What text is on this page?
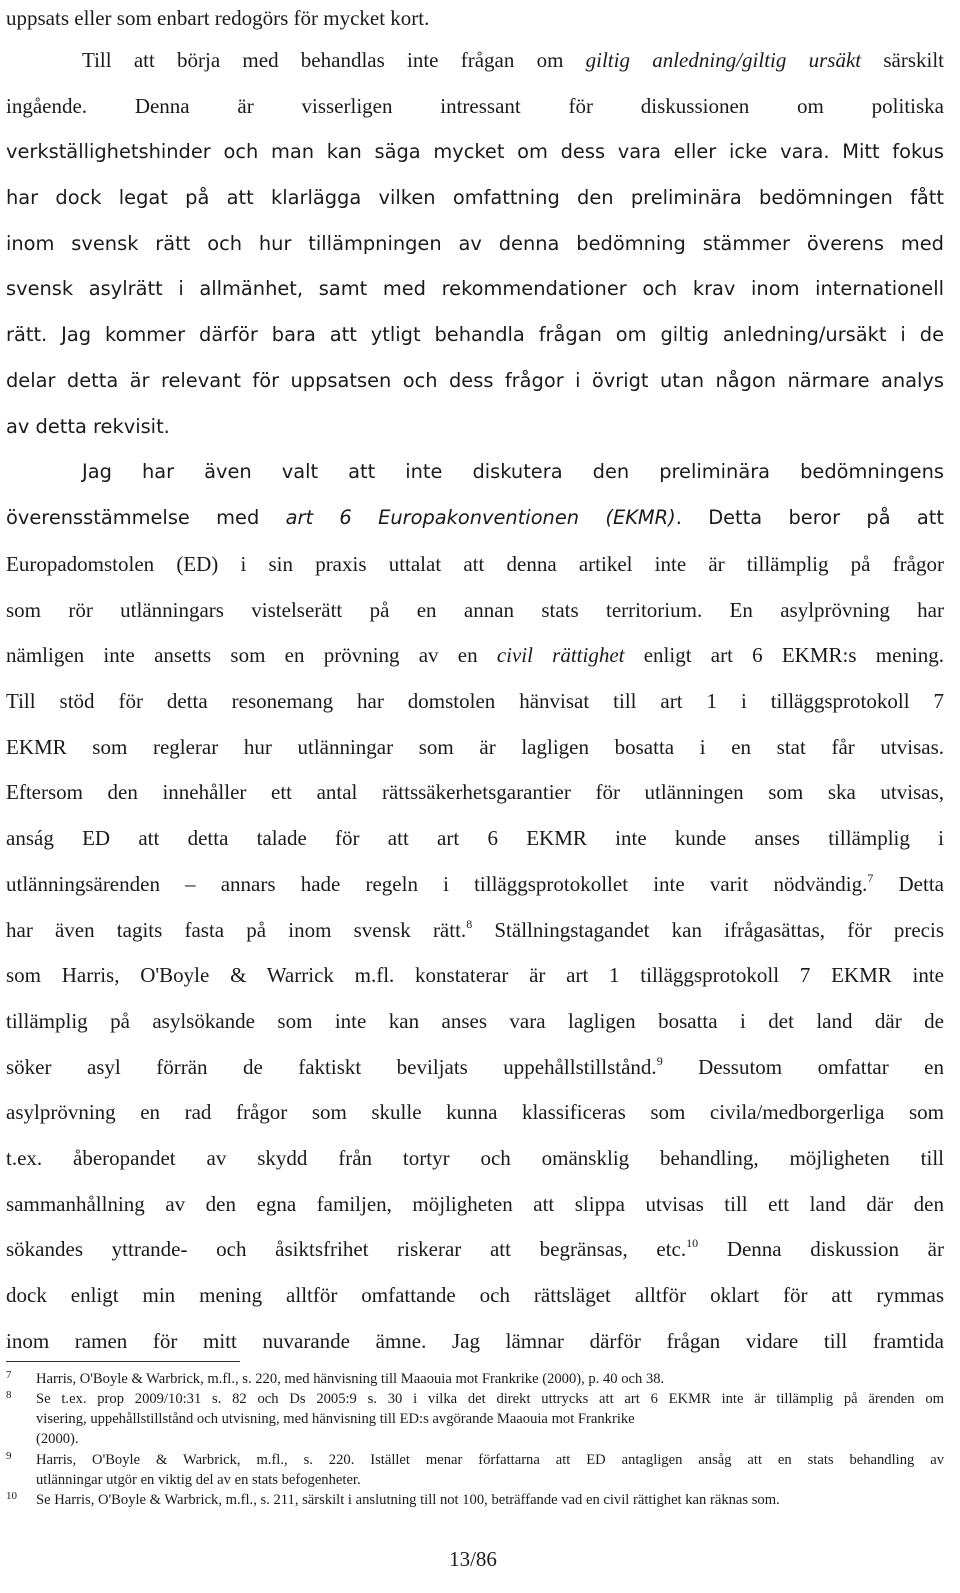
uppsats eller som enbart redogörs för mycket kort.
Till att börja med behandlas inte frågan om giltig anledning/giltig ursäkt särskilt
ingående. Denna är visserligen intressant för diskussionen om politiska
verkställighetshinder och man kan säga mycket om dess vara eller icke vara. Mitt fokus
har dock legat på att klarlägga vilken omfattning den preliminära bedömningen fått
inom svensk rätt och hur tillämpningen av denna bedömning stämmer överens med
svensk asylrätt i allmänhet, samt med rekommendationer och krav inom internationell
rätt. Jag kommer därför bara att ytligt behandla frågan om giltig anledning/ursäkt i de
delar detta är relevant för uppsatsen och dess frågor i övrigt utan någon närmare analys
av detta rekvisit.
Jag har även valt att inte diskutera den preliminära bedömningens
överensstämmelse med art 6 Europakonventionen (EKMR). Detta beror på att
Europadomstolen (ED) i sin praxis uttalat att denna artikel inte är tillämplig på frågor
som rör utlänningars vistelserätt på en annan stats territorium. En asylprövning har
nämligen inte ansetts som en prövning av en civil rättighet enligt art 6 EKMR:s mening.
Till stöd för detta resonemang har domstolen hänvisat till art 1 i tilläggsprotokoll 7
EKMR som reglerar hur utlänningar som är lagligen bosatta i en stat får utvisas.
Eftersom den innehåller ett antal rättssäkerhetsgarantier för utlänningen som ska utvisas,
anság ED att detta talade för att art 6 EKMR inte kunde anses tillämplig i
utlänningsärenden – annars hade regeln i tilläggsprotokollet inte varit nödvändig.$^7$ Detta
har även tagits fasta på inom svensk rätt.$^8$ Ställningstagandet kan ifrågasättas, för precis
som Harris, O'Boyle & Warrick m.fl. konstaterar är art 1 tilläggsprotokoll 7 EKMR inte
tillämplig på asylsökande som inte kan anses vara lagligen bosatta i det land där de
söker asyl förrän de faktiskt beviljats uppehållstillstånd.$^9$ Dessutom omfattar en
asylprövning en rad frågor som skulle kunna klassificeras som civila/medborgerliga som
t.ex. åberopandet av skydd från tortyr och omänsklig behandling, möjligheten till
sammanhållning av den egna familjen, möjligheten att slippa utvisas till ett land där den
sökandes yttrande- och åsiktsfrihet riskerar att begränsas, etc.$^{10}$ Denna diskussion är
dock enligt min mening alltför omfattande och rättsläget alltför oklart för att rymmas
inom ramen för mitt nuvarande ämne. Jag lämnar därför frågan vidare till framtida
7 Harris, O'Boyle & Warbrick, m.fl., s. 220, med hänvisning till Maaouia mot Frankrike (2000), p. 40 och 38.
8 Se t.ex. prop 2009/10:31 s. 82 och Ds 2005:9 s. 30 i vilka det direkt uttrycks att art 6 EKMR inte är tillämplig på ärenden om
visering, uppehållstillstånd och utvisning, med hänvisning till ED:s avgörande Maaouia mot Frankrike
(2000).
9 Harris, O'Boyle & Warbrick, m.fl., s. 220. Istället menar författarna att ED antagligen ansåg att en stats behandling av
utlänningar utgör en viktig del av en stats befogenheter.
10 Se Harris, O'Boyle & Warbrick, m.fl., s. 211, särskilt i anslutning till not 100, beträffande vad en civil rättighet kan räknas som.
13/86
